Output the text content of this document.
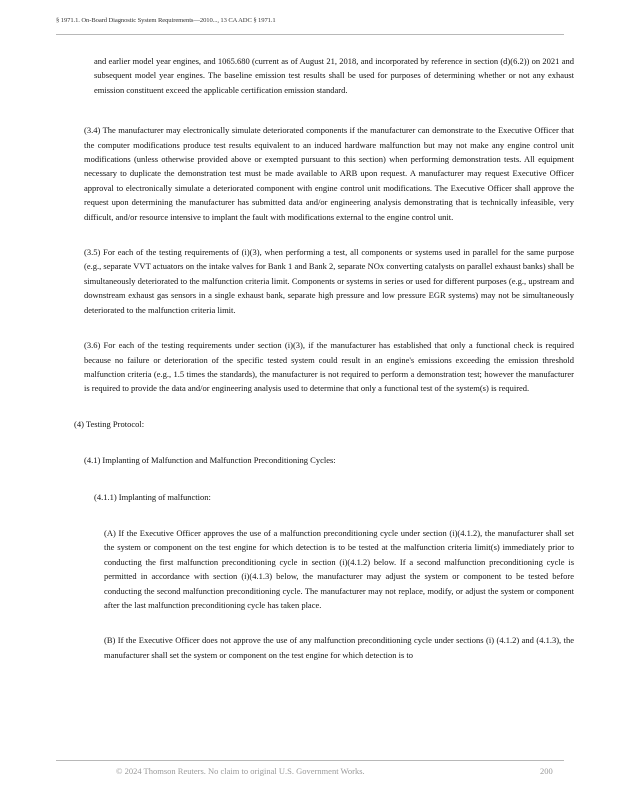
§ 1971.1. On-Board Diagnostic System Requirements—2010..., 13 CA ADC § 1971.1

and earlier model year engines, and 1065.680 (current as of August 21, 2018, and incorporated by reference in section (d)(6.2)) on 2021 and subsequent model year engines. The baseline emission test results shall be used for purposes of determining whether or not any exhaust emission constituent exceed the applicable certification emission standard.

(3.4) The manufacturer may electronically simulate deteriorated components if the manufacturer can demonstrate to the Executive Officer that the computer modifications produce test results equivalent to an induced hardware malfunction but may not make any engine control unit modifications (unless otherwise provided above or exempted pursuant to this section) when performing demonstration tests. All equipment necessary to duplicate the demonstration test must be made available to ARB upon request. A manufacturer may request Executive Officer approval to electronically simulate a deteriorated component with engine control unit modifications. The Executive Officer shall approve the request upon determining the manufacturer has submitted data and/or engineering analysis demonstrating that is technically infeasible, very difficult, and/or resource intensive to implant the fault with modifications external to the engine control unit.

(3.5) For each of the testing requirements of (i)(3), when performing a test, all components or systems used in parallel for the same purpose (e.g., separate VVT actuators on the intake valves for Bank 1 and Bank 2, separate NOx converting catalysts on parallel exhaust banks) shall be simultaneously deteriorated to the malfunction criteria limit. Components or systems in series or used for different purposes (e.g., upstream and downstream exhaust gas sensors in a single exhaust bank, separate high pressure and low pressure EGR systems) may not be simultaneously deteriorated to the malfunction criteria limit.

(3.6) For each of the testing requirements under section (i)(3), if the manufacturer has established that only a functional check is required because no failure or deterioration of the specific tested system could result in an engine's emissions exceeding the emission threshold malfunction criteria (e.g., 1.5 times the standards), the manufacturer is not required to perform a demonstration test; however the manufacturer is required to provide the data and/or engineering analysis used to determine that only a functional test of the system(s) is required.

(4) Testing Protocol:

(4.1) Implanting of Malfunction and Malfunction Preconditioning Cycles:

(4.1.1) Implanting of malfunction:

(A) If the Executive Officer approves the use of a malfunction preconditioning cycle under section (i)(4.1.2), the manufacturer shall set the system or component on the test engine for which detection is to be tested at the malfunction criteria limit(s) immediately prior to conducting the first malfunction preconditioning cycle in section (i)(4.1.2) below. If a second malfunction preconditioning cycle is permitted in accordance with section (i)(4.1.3) below, the manufacturer may adjust the system or component to be tested before conducting the second malfunction preconditioning cycle. The manufacturer may not replace, modify, or adjust the system or component after the last malfunction preconditioning cycle has taken place.

(B) If the Executive Officer does not approve the use of any malfunction preconditioning cycle under sections (i) (4.1.2) and (4.1.3), the manufacturer shall set the system or component on the test engine for which detection is to

© 2024 Thomson Reuters. No claim to original U.S. Government Works.	200
